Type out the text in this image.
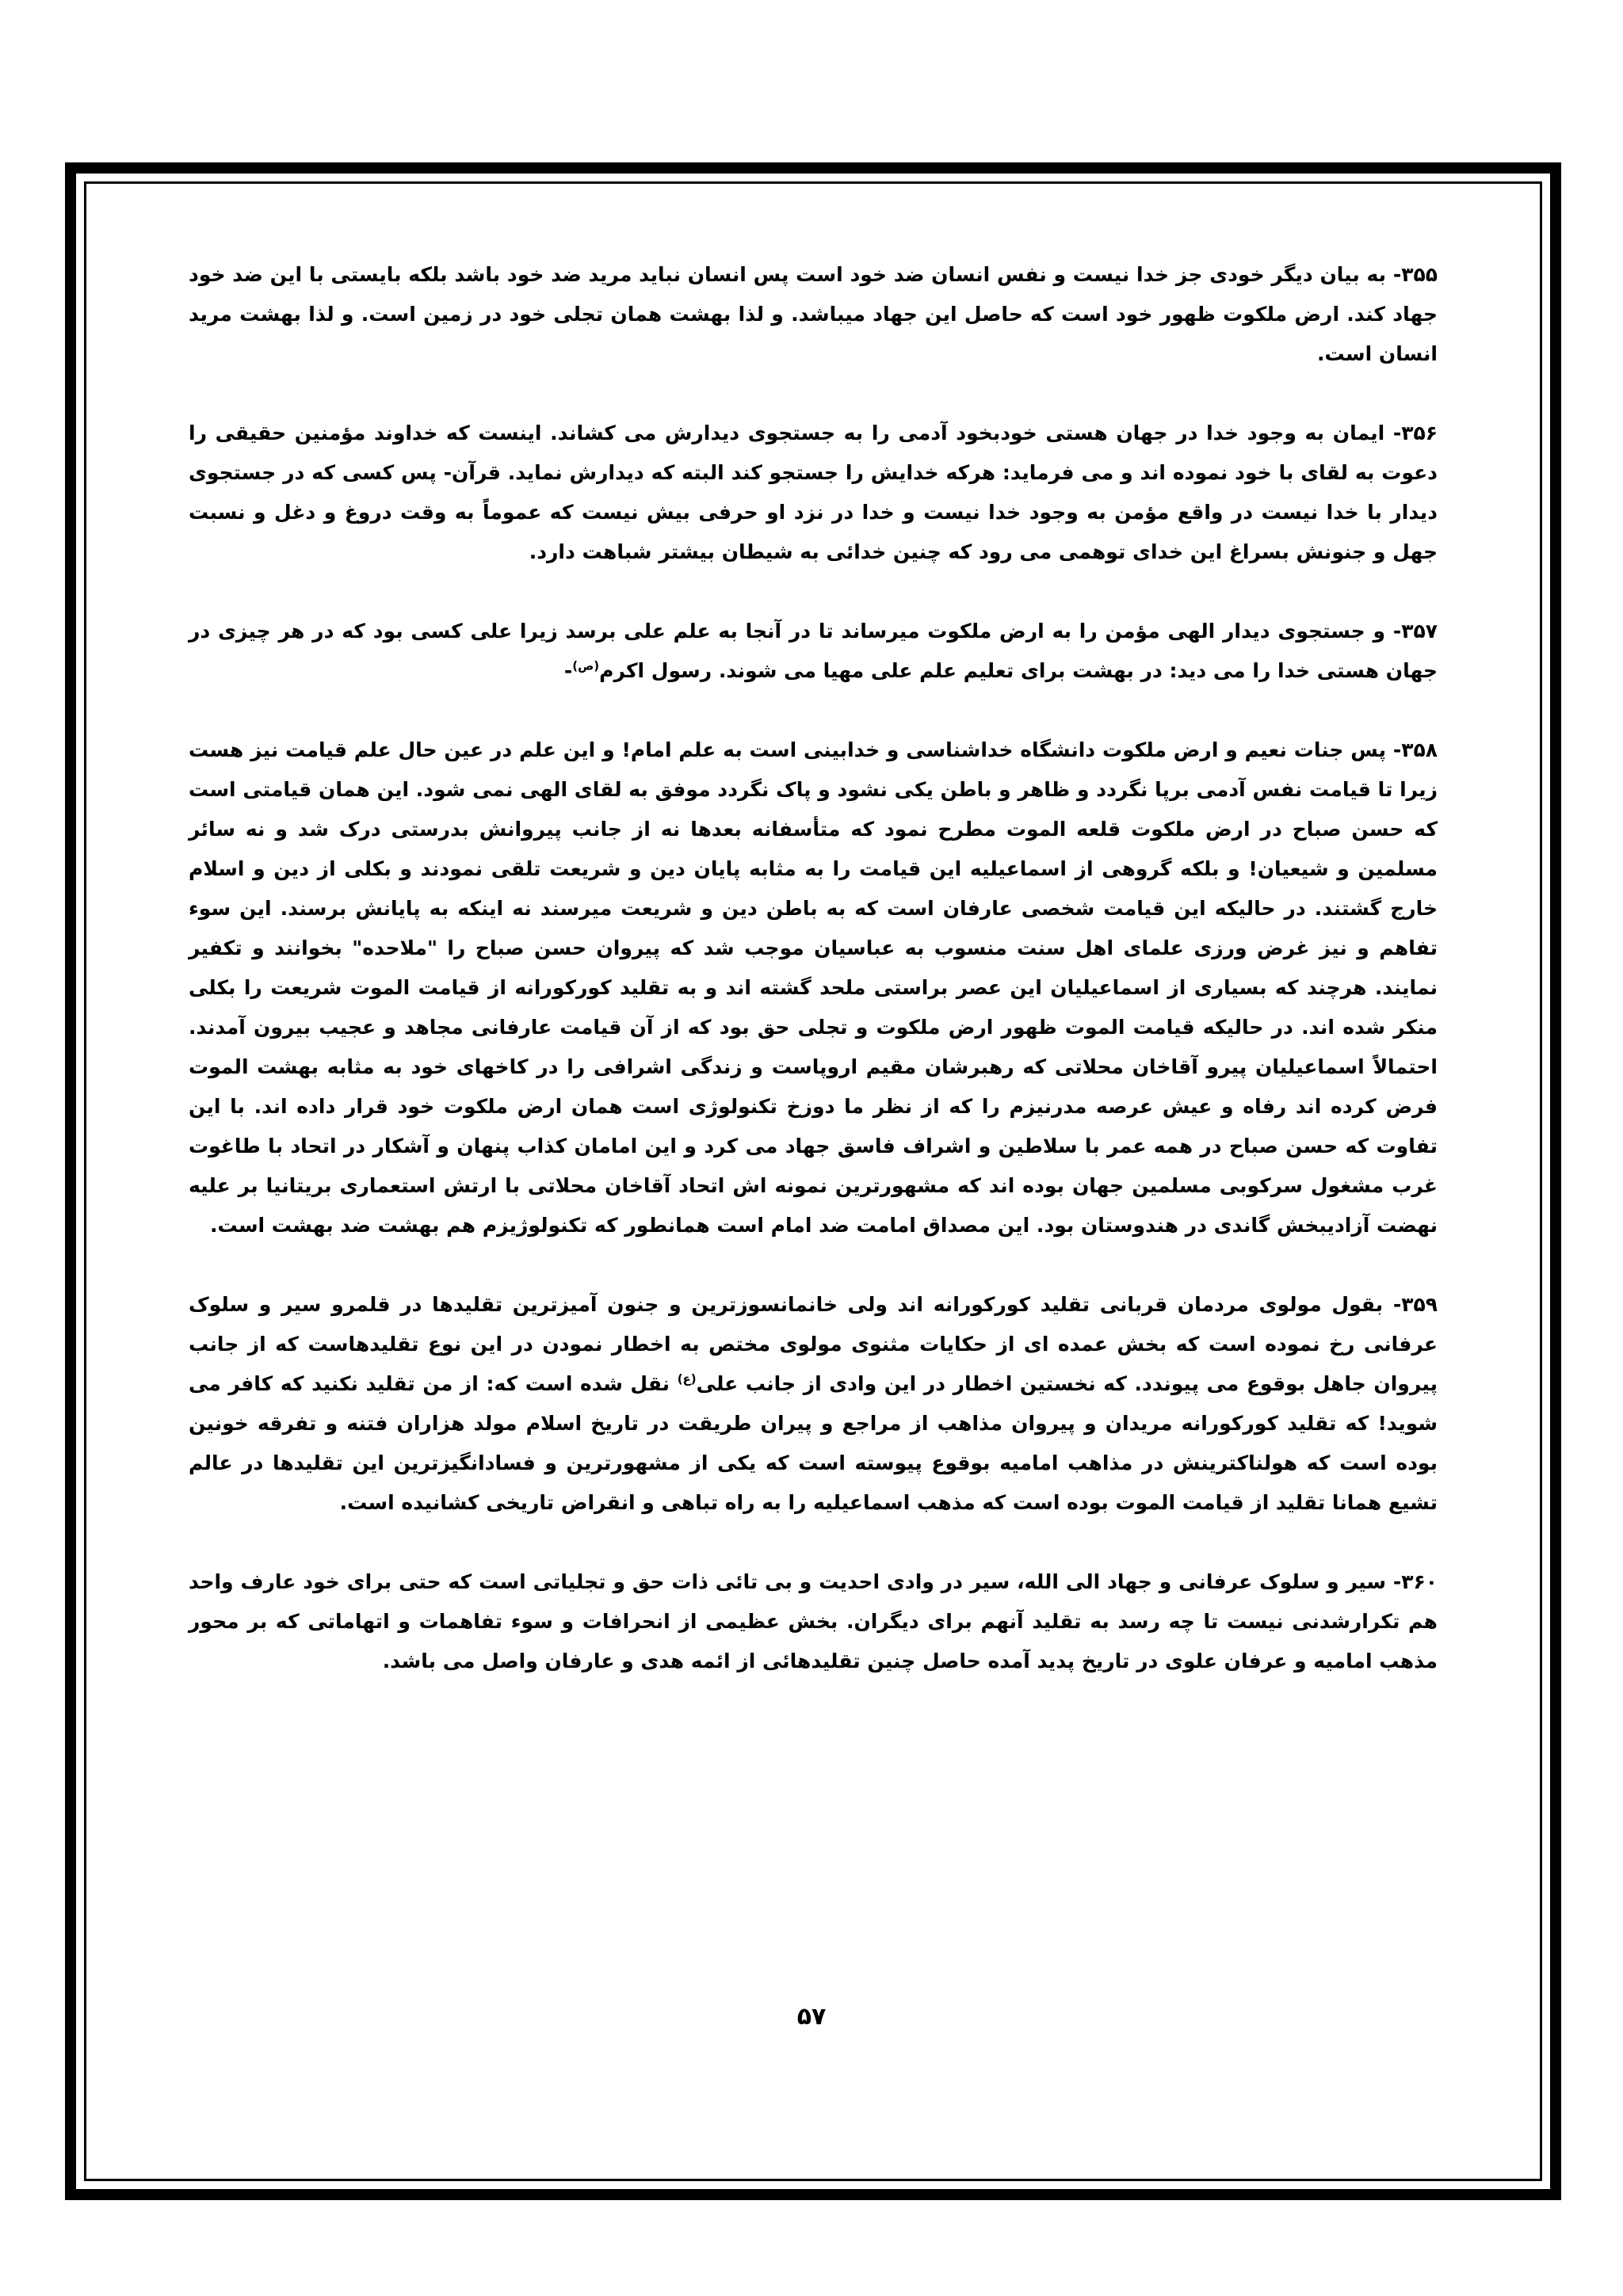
۳۵۵- به بیان دیگر خودی جز خدا نیست و نفس انسان ضد خود است پس انسان نباید مرید ضد خود باشد بلکه بایستی با این ضد خود جهاد کند. ارض ملکوت ظهور خود است که حاصل این جهاد میباشد. و لذا بهشت همان تجلی خود در زمین است. و لذا بهشت مرید انسان است.

۳۵۶- ایمان به وجود خدا در جهان هستی خودبخود آدمی را به جستجوی دیدارش می کشاند. اینست که خداوند مؤمنین حقیقی را دعوت به لقای با خود نموده اند و می فرماید: هرکه خدایش را جستجو کند البته که دیدارش نماید. قرآن- پس کسی که در جستجوی دیدار با خدا نیست در واقع مؤمن به وجود خدا نیست و خدا در نزد او حرفی بیش نیست که عموماً به وقت دروغ و دغل و نسبت جهل و جنونش بسراغ این خدای توهمی می رود که چنین خدائی به شیطان بیشتر شباهت دارد.

۳۵۷- و جستجوی دیدار الهی مؤمن را به ارض ملکوت میرساند تا در آنجا به علم علی برسد زیرا علی کسی بود که در هر چیزی در جهان هستی خدا را می دید: در بهشت برای تعلیم علم علی مهیا می شوند. رسول اکرم$^{(ص)}$-

۳۵۸- پس جنات نعیم و ارض ملکوت دانشگاه خداشناسی و خدابینی است به علم امام! و این علم در عین حال علم قیامت نیز هست زیرا تا قیامت نفس آدمی برپا نگردد و ظاهر و باطن یکی نشود و پاک نگردد موفق به لقای الهی نمی شود. این همان قیامتی است که حسن صباح در ارض ملکوت قلعه الموت مطرح نمود که متأسفانه بعدها نه از جانب پیروانش بدرستی درک شد و نه سائر مسلمین و شیعیان! و بلکه گروهی از اسماعیلیه این قیامت را به مثابه پایان دین و شریعت تلقی نمودند و بکلی از دین و اسلام خارج گشتند. در حالیکه این قیامت شخصی عارفان است که به باطن دین و شریعت میرسند نه اینکه به پایانش برسند. این سوء تفاهم و نیز غرض ورزی علمای اهل سنت منسوب به عباسیان موجب شد که پیروان حسن صباح را "ملاحده" بخوانند و تکفیر نمایند. هرچند که بسیاری از اسماعیلیان این عصر براستی ملحد گشته اند و به تقلید کورکورانه از قیامت الموت شریعت را بکلی منکر شده اند. در حالیکه قیامت الموت ظهور ارض ملکوت و تجلی حق بود که از آن قیامت عارفانی مجاهد و عجیب بیرون آمدند. احتمالاً اسماعیلیان پیرو آقاخان محلاتی که رهبرشان مقیم اروپاست و زندگی اشرافی را در کاخهای خود به مثابه بهشت الموت فرض کرده اند رفاه و عیش عرصه مدرنیزم را که از نظر ما دوزخ تکنولوژی است همان ارض ملکوت خود قرار داده اند. با این تفاوت که حسن صباح در همه عمر با سلاطین و اشراف فاسق جهاد می کرد و این امامان کذاب پنهان و آشکار در اتحاد با طاغوت غرب مشغول سرکوبی مسلمین جهان بوده اند که مشهورترین نمونه اش اتحاد آقاخان محلاتی با ارتش استعماری بریتانیا بر علیه نهضت آزادیبخش گاندی در هندوستان بود. این مصداق امامت ضد امام است همانطور که تکنولوژیزم هم بهشت ضد بهشت است.

۳۵۹- بقول مولوی مردمان قربانی تقلید کورکورانه اند ولی خانمانسوزترین و جنون آمیزترین تقلیدها در قلمرو سیر و سلوک عرفانی رخ نموده است که بخش عمده ای از حکایات مثنوی مولوی مختص به اخطار نمودن در این نوع تقلیدهاست که از جانب پیروان جاهل بوقوع می پیوندد. که نخستین اخطار در این وادی از جانب علی$^{(ع)}$ نقل شده است که: از من تقلید نکنید که کافر می شوید! که تقلید کورکورانه مریدان و پیروان مذاهب از مراجع و پیران طریقت در تاریخ اسلام مولد هزاران فتنه و تفرقه خونین بوده است که هولناکترینش در مذاهب امامیه بوقوع پیوسته است که یکی از مشهورترین و فسادانگیزترین این تقلیدها در عالم تشیع همانا تقلید از قیامت الموت بوده است که مذهب اسماعیلیه را به راه تباهی و انقراض تاریخی کشانیده است.

۳۶۰- سیر و سلوک عرفانی و جهاد الی الله، سیر در وادی احدیت و بی تائی ذات حق و تجلیاتی است که حتی برای خود عارف واحد هم تکرارشدنی نیست تا چه رسد به تقلید آنهم برای دیگران. بخش عظیمی از انحرافات و سوء تفاهمات و اتهاماتی که بر محور مذهب امامیه و عرفان علوی در تاریخ پدید آمده حاصل چنین تقلیدهائی از ائمه هدی و عارفان واصل می باشد.

۵۷
